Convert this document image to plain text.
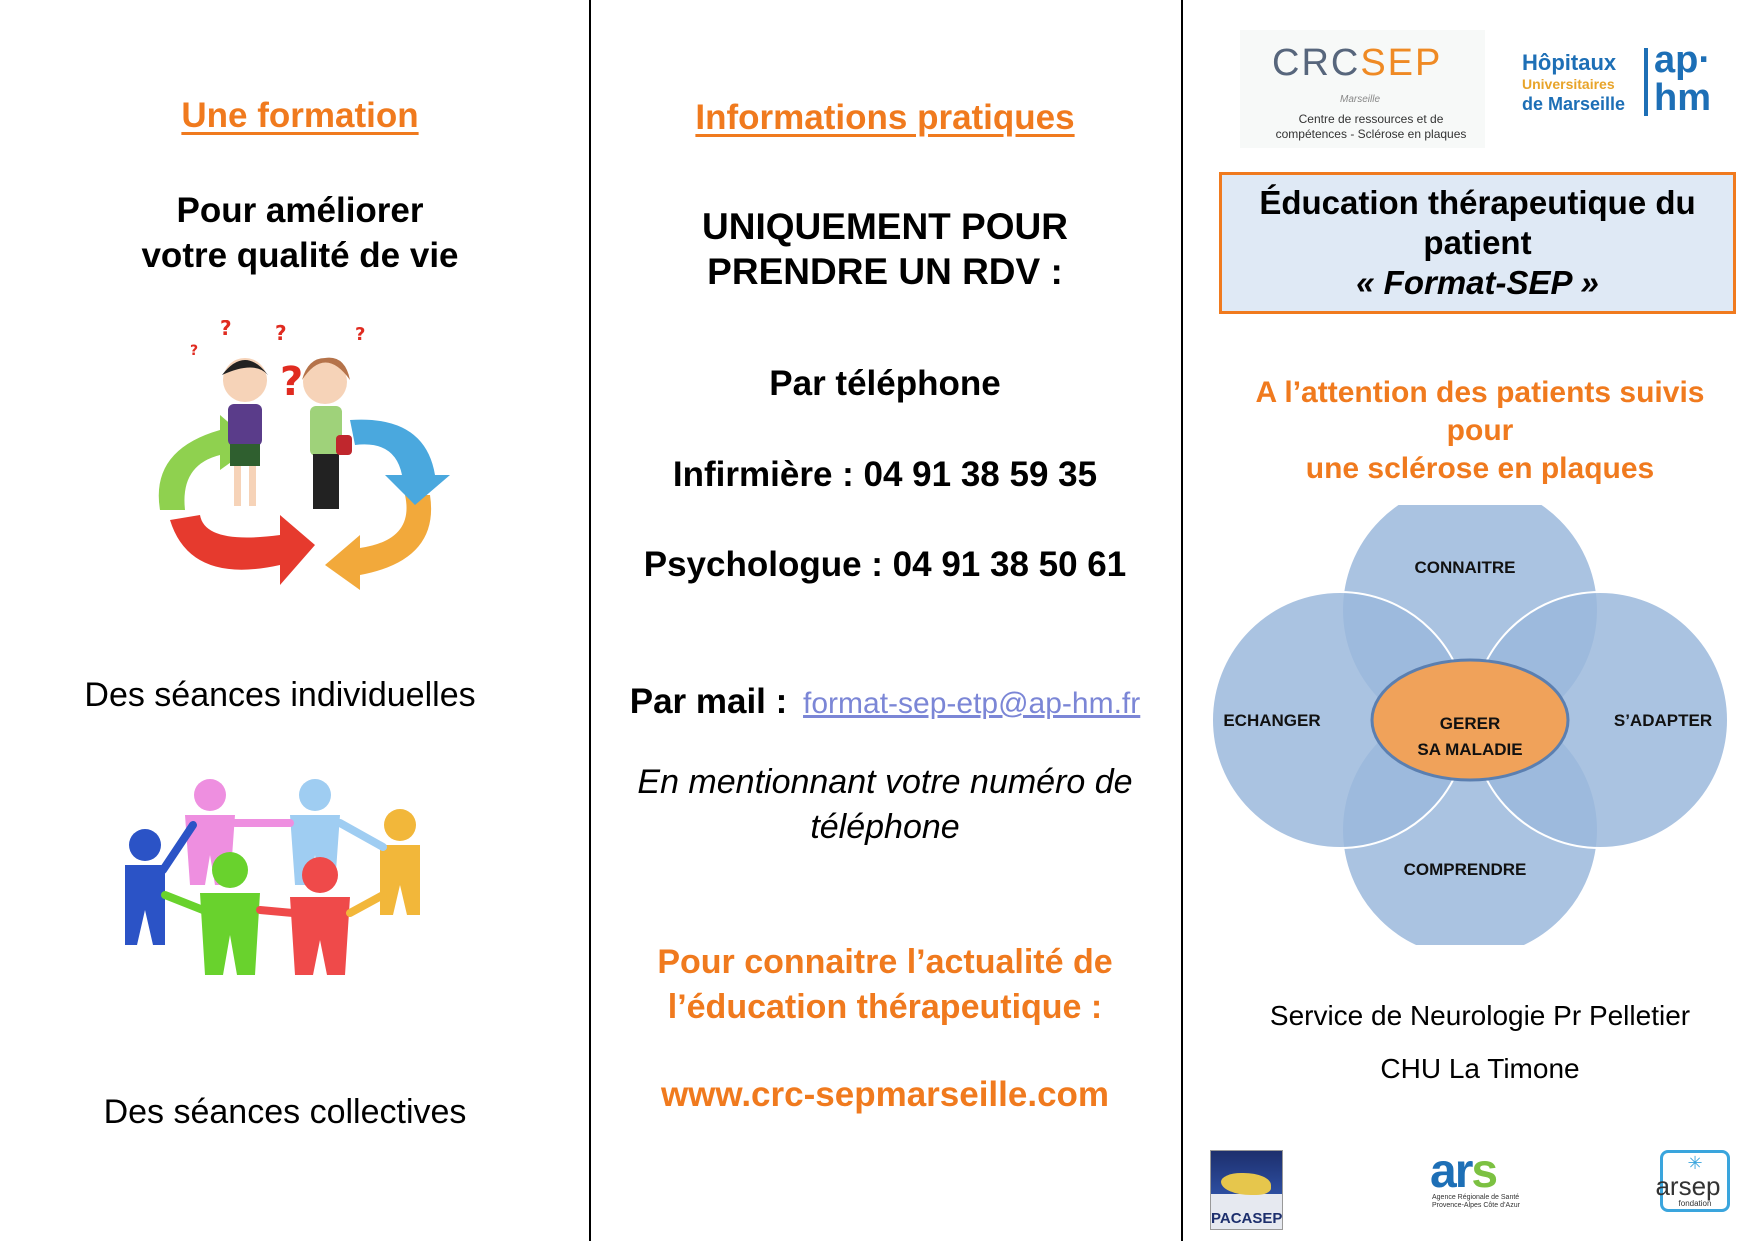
Une formation
Pour améliorer
votre qualité de vie
?
? ?	?
?
Des séances individuelles
Des séances collectives
Informations pratiques
UNIQUEMENT POUR
PRENDRE UN RDV :
Par téléphone
Infirmière : 04 91 38 59 35
Psychologue : 04 91 38 50 61
Par mail : format-sep-etp@ap-hm.fr
En mentionnant votre numéro de
téléphone
Pour connaitre l’actualité de
l’éducation thérapeutique :
www.crc-sepmarseille.com
CRCSEP
Marseille
Centre de ressources et de
compétences - Sclérose en plaques
Hôpitaux
Universitaires
de Marseille
ap·
hm
Éducation thérapeutique du
patient
« Format-SEP »
A l’attention des patients suivis
pour
une sclérose en plaques
CONNAITRE
ECHANGER	S’ADAPTER
COMPRENDRE
GERER
SA MALADIE
Service de Neurologie Pr Pelletier
CHU La Timone
PACASEP
ars
Agence Régionale de Santé Provence-Alpes Côte d’Azur
✳
arsep
fondation
